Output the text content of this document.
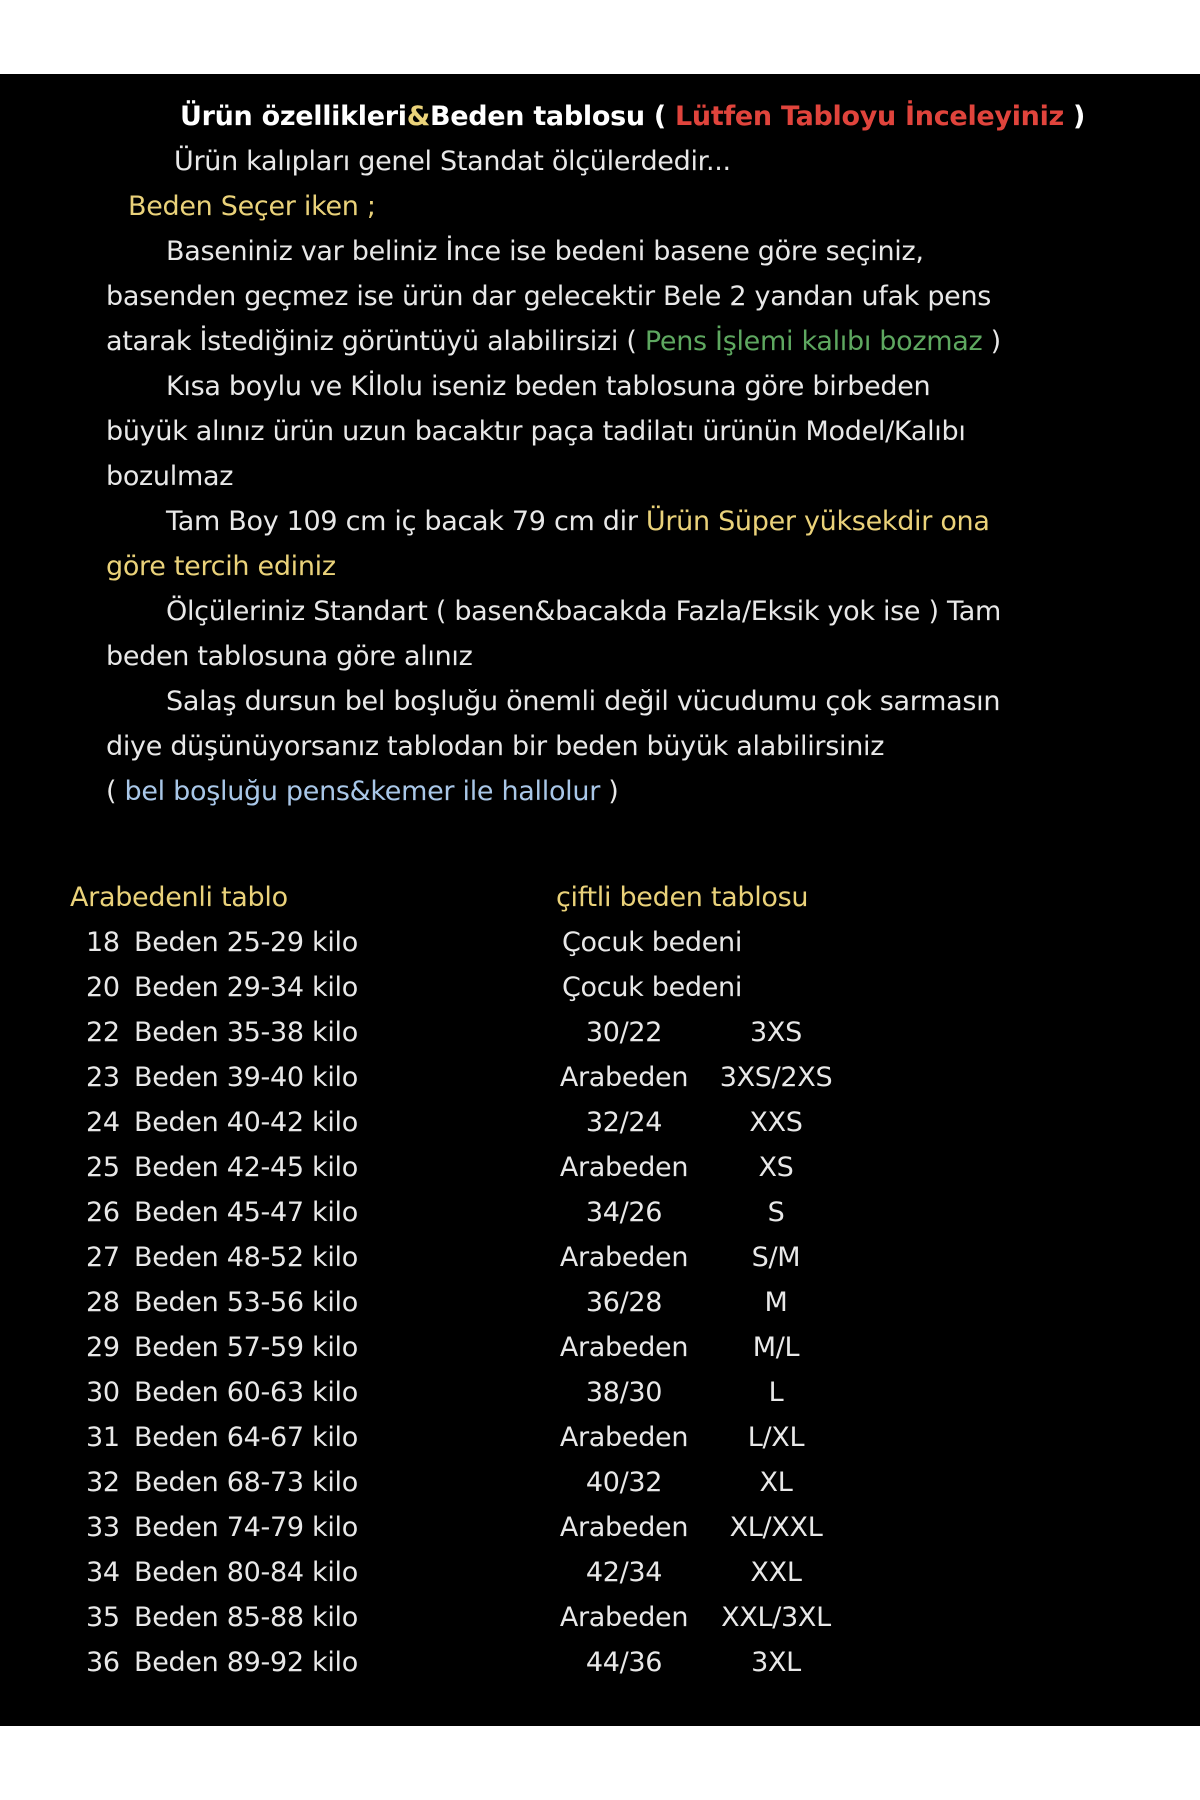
Ürün özellikleri&Beden tablosu ( Lütfen Tabloyu İnceleyiniz )
Ürün kalıpları genel Standat ölçülerdedir...
Beden Seçer iken ;
Baseniniz var beliniz İnce ise bedeni basene göre seçiniz,
basenden geçmez ise ürün dar gelecektir Bele 2 yandan ufak pens
atarak İstediğiniz görüntüyü alabilirsizi ( Pens İşlemi kalıbı bozmaz )
Kısa boylu ve Kİlolu iseniz beden tablosuna göre birbeden
büyük alınız ürün uzun bacaktır paça tadilatı ürünün Model/Kalıbı
bozulmaz
Tam Boy 109 cm iç bacak 79 cm dir Ürün Süper yüksekdir ona
göre tercih ediniz
Ölçüleriniz Standart ( basen&bacakda Fazla/Eksik yok ise ) Tam
beden tablosuna göre alınız
Salaş dursun bel boşluğu önemli değil vücudumu çok sarmasın
diye düşünüyorsanız tablodan bir beden büyük alabilirsiniz
( bel boşluğu pens&kemer ile hallolur )
Arabedenli tablo	çiftli beden tablosu
18 Beden 25-29 kilo	Çocuk bedeni
20 Beden 29-34 kilo	Çocuk bedeni
22 Beden 35-38 kilo	30/22	3XS
23 Beden 39-40 kilo	Arabeden	3XS/2XS
24 Beden 40-42 kilo	32/24	XXS
25 Beden 42-45 kilo	Arabeden	XS
26 Beden 45-47 kilo	34/26	S
27 Beden 48-52 kilo	Arabeden	S/M
28 Beden 53-56 kilo	36/28	M
29 Beden 57-59 kilo	Arabeden	M/L
30 Beden 60-63 kilo	38/30	L
31 Beden 64-67 kilo	Arabeden	L/XL
32 Beden 68-73 kilo	40/32	XL
33 Beden 74-79 kilo	Arabeden	XL/XXL
34 Beden 80-84 kilo	42/34	XXL
35 Beden 85-88 kilo	Arabeden	XXL/3XL
36 Beden 89-92 kilo	44/36	3XL
